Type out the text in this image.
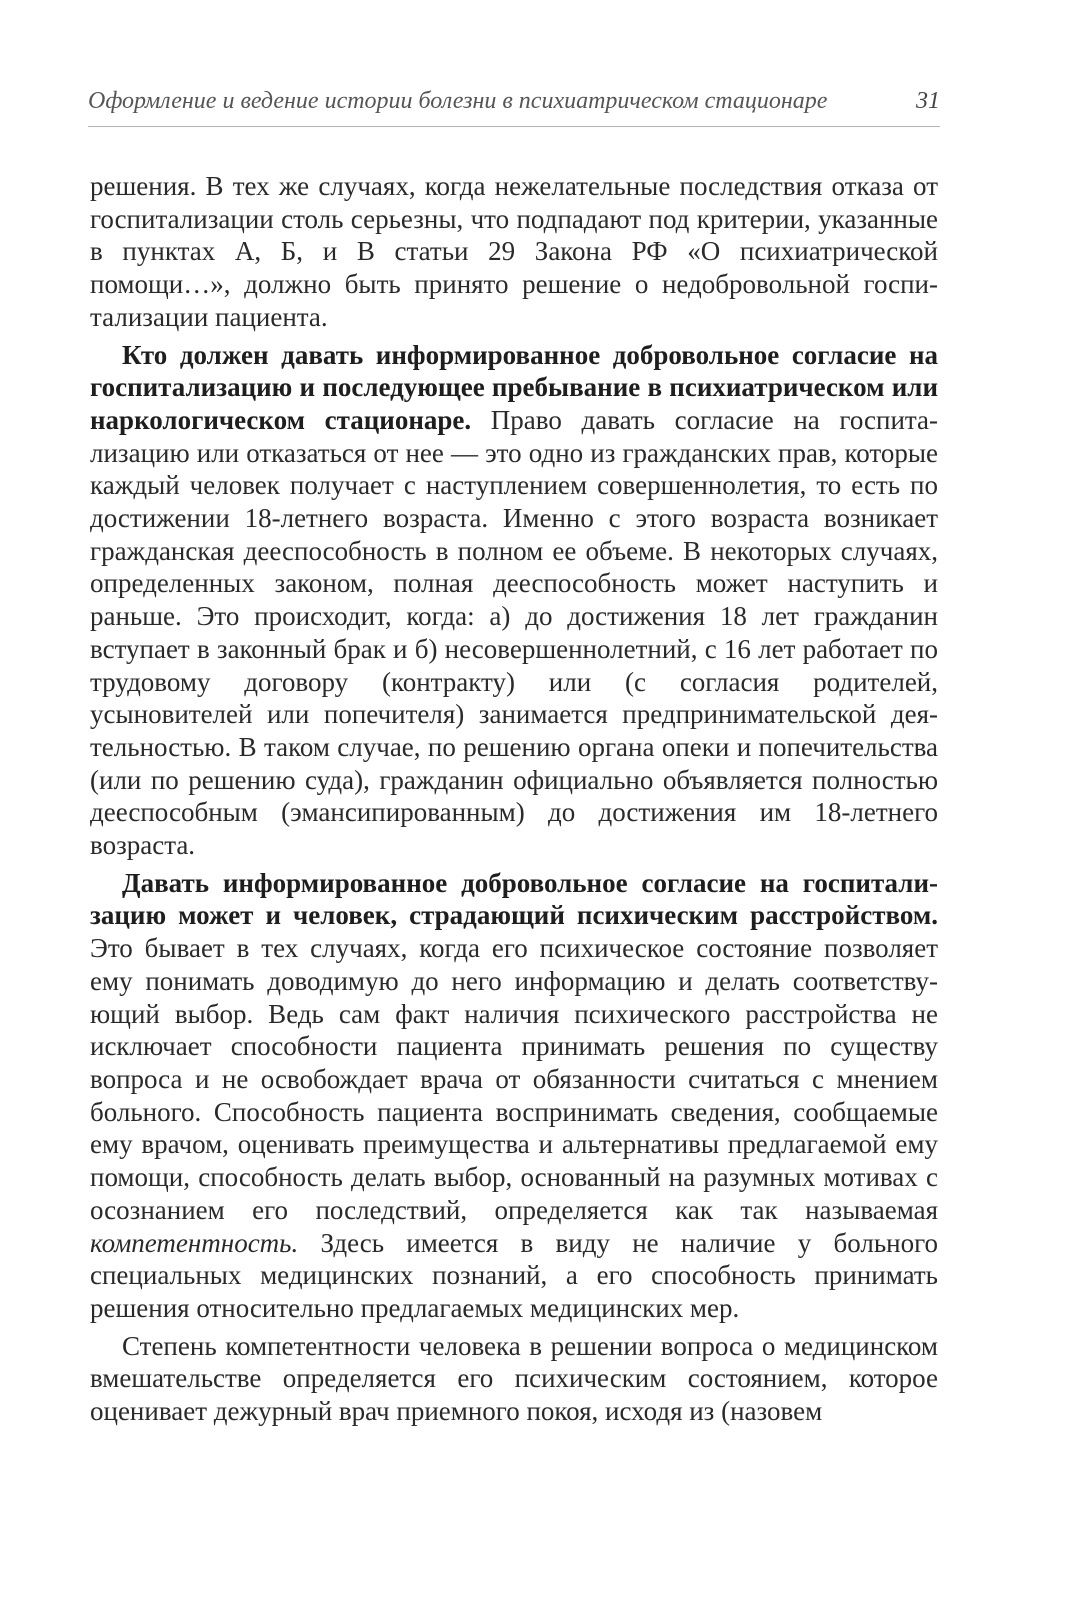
Оформление и ведение истории болезни в психиатрическом стационаре	31

решения. В тех же случаях, когда нежелательные последствия отказа от госпитализации столь серьезны, что подпадают под критерии, указанные в пунктах А, Б, и В статьи 29 Закона РФ «О психиатрической помощи…», должно быть принято решение о недобровольной госпитализации пациента.

Кто должен давать информированное добровольное согласие на госпитализацию и последующее пребывание в психиатрическом или наркологическом стационаре. Право давать согласие на госпитализацию или отказаться от нее — это одно из гражданских прав, которые каждый человек получает с наступлением совершеннолетия, то есть по достижении 18-летнего возраста. Именно с этого возраста возникает гражданская дееспособность в полном ее объеме. В некоторых случаях, определенных законом, полная дееспособность может наступить и раньше. Это происходит, когда: а) до достижения 18 лет гражданин вступает в законный брак и б) несовершеннолетний, с 16 лет работает по трудовому договору (контракту) или (с согласия родителей, усыновителей или попечителя) занимается предпринимательской деятельностью. В таком случае, по решению органа опеки и попечительства (или по решению суда), гражданин официально объявляется полностью дееспособным (эмансипированным) до достижения им 18-летнего возраста.

Давать информированное добровольное согласие на госпитализацию может и человек, страдающий психическим расстройством. Это бывает в тех случаях, когда его психическое состояние позволяет ему понимать доводимую до него информацию и делать соответствующий выбор. Ведь сам факт наличия психического расстройства не исключает способности пациента принимать решения по существу вопроса и не освобождает врача от обязанности считаться с мнением больного. Способность пациента воспринимать сведения, сообщаемые ему врачом, оценивать преимущества и альтернативы предлагаемой ему помощи, способность делать выбор, основанный на разумных мотивах с осознанием его последствий, определяется как так называемая компетентность. Здесь имеется в виду не наличие у больного специальных медицинских познаний, а его способность принимать решения относительно предлагаемых медицинских мер.

Степень компетентности человека в решении вопроса о медицинском вмешательстве определяется его психическим состоянием, которое оценивает дежурный врач приемного покоя, исходя из (назовем
